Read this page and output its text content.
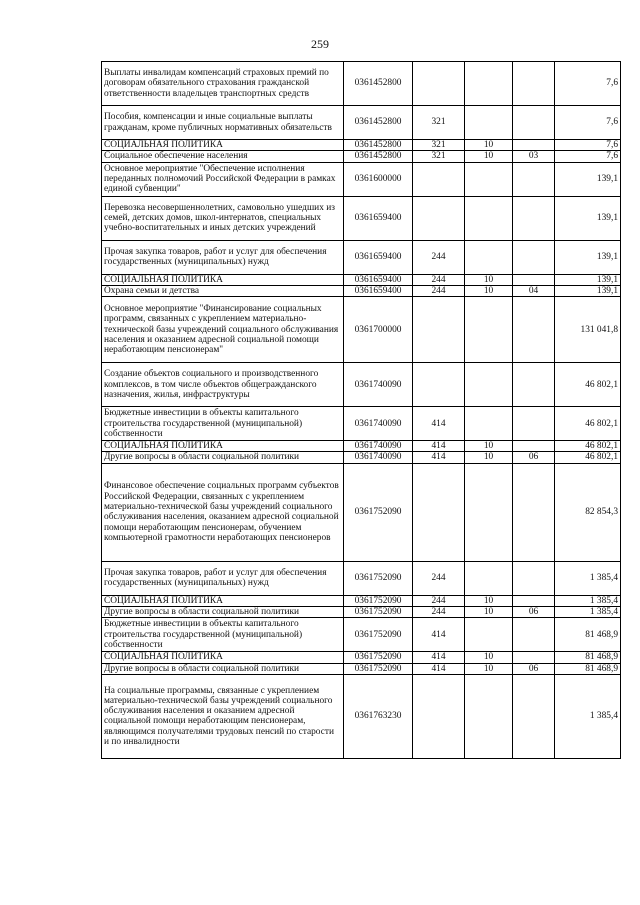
259
Выплаты инвалидам компенсаций страховых премий по договорам обязательного страхования гражданской ответственности владельцев транспортных средств	0361452800				7,6
Пособия, компенсации и иные социальные выплаты гражданам, кроме публичных нормативных обязательств	0361452800	321			7,6
СОЦИАЛЬНАЯ ПОЛИТИКА	0361452800	321	10		7,6
Социальное обеспечение населения	0361452800	321	10	03	7,6
Основное мероприятие "Обеспечение исполнения переданных полномочий Российской Федерации в рамках единой субвенции"	0361600000				139,1
Перевозка несовершеннолетних, самовольно ушедших из семей, детских домов, школ-интернатов, специальных учебно-воспитательных и иных детских учреждений	0361659400				139,1
Прочая закупка товаров, работ и услуг для обеспечения государственных (муниципальных) нужд	0361659400	244			139,1
СОЦИАЛЬНАЯ ПОЛИТИКА	0361659400	244	10		139,1
Охрана семьи и детства	0361659400	244	10	04	139,1
Основное мероприятие "Финансирование социальных программ, связанных с укреплением материально-технической базы учреждений социального обслуживания населения и оказанием адресной социальной помощи неработающим пенсионерам"	0361700000				131 041,8
Создание объектов социального и производственного комплексов, в том числе объектов общегражданского назначения, жилья, инфраструктуры	0361740090				46 802,1
Бюджетные инвестиции в объекты капитального строительства государственной (муниципальной) собственности	0361740090	414			46 802,1
СОЦИАЛЬНАЯ ПОЛИТИКА	0361740090	414	10		46 802,1
Другие вопросы в области социальной политики	0361740090	414	10	06	46 802,1
Финансовое обеспечение социальных программ субъектов Российской Федерации, связанных с укреплением материально-технической базы учреждений социального обслуживания населения, оказанием адресной социальной помощи неработающим пенсионерам, обучением компьютерной грамотности неработающих пенсионеров	0361752090				82 854,3
Прочая закупка товаров, работ и услуг для обеспечения государственных (муниципальных) нужд	0361752090	244			1 385,4
СОЦИАЛЬНАЯ ПОЛИТИКА	0361752090	244	10		1 385,4
Другие вопросы в области социальной политики	0361752090	244	10	06	1 385,4
Бюджетные инвестиции в объекты капитального строительства государственной (муниципальной) собственности	0361752090	414			81 468,9
СОЦИАЛЬНАЯ ПОЛИТИКА	0361752090	414	10		81 468,9
Другие вопросы в области социальной политики	0361752090	414	10	06	81 468,9
На социальные программы, связанные с укреплением материально-технической базы учреждений социального обслуживания населения и оказанием адресной социальной помощи неработающим пенсионерам, являющимся получателями трудовых пенсий по старости и по инвалидности	0361763230				1 385,4
